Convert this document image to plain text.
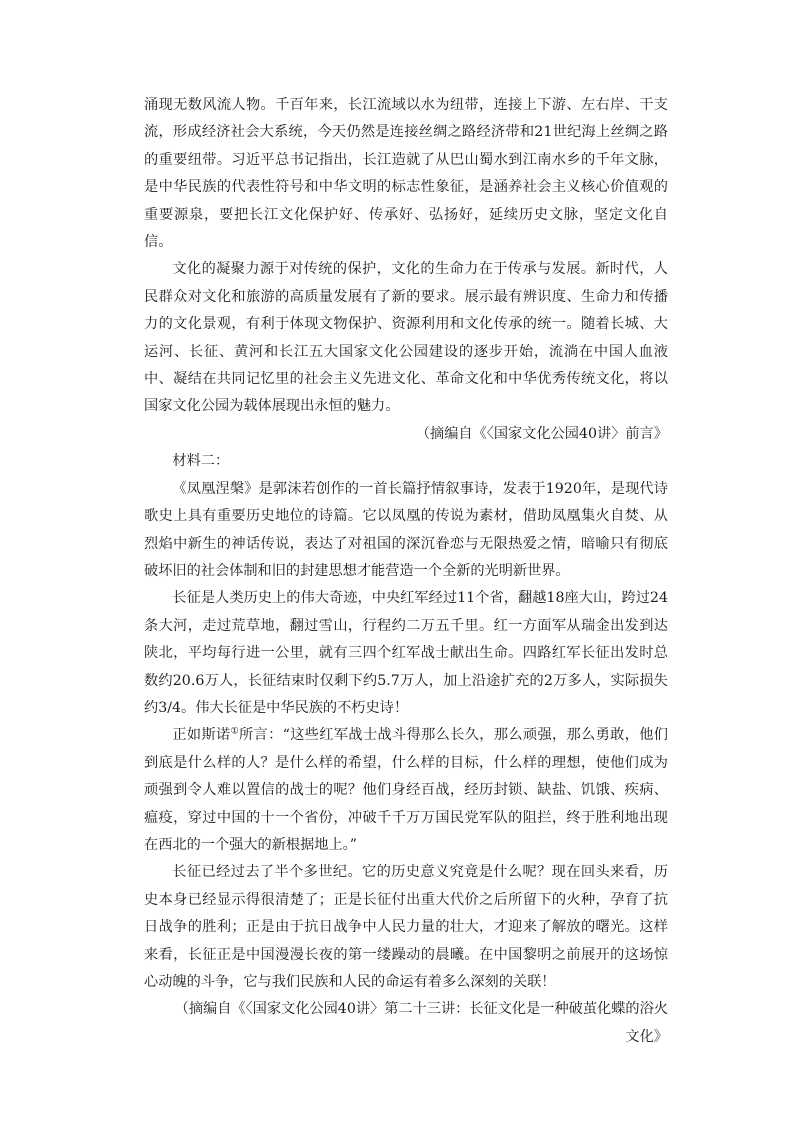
涌现无数风流人物。千百年来，长江流域以水为纽带，连接上下游、左右岸、干支流，形成经济社会大系统，今天仍然是连接丝绸之路经济带和21世纪海上丝绸之路的重要纽带。习近平总书记指出，长江造就了从巴山蜀水到江南水乡的千年文脉，是中华民族的代表性符号和中华文明的标志性象征，是涵养社会主义核心价值观的重要源泉，要把长江文化保护好、传承好、弘扬好，延续历史文脉，坚定文化自信。

文化的凝聚力源于对传统的保护，文化的生命力在于传承与发展。新时代，人民群众对文化和旅游的高质量发展有了新的要求。展示最有辨识度、生命力和传播力的文化景观，有利于体现文物保护、资源利用和文化传承的统一。随着长城、大运河、长征、黄河和长江五大国家文化公园建设的逐步开始，流淌在中国人血液中、凝结在共同记忆里的社会主义先进文化、革命文化和中华优秀传统文化，将以国家文化公园为载体展现出永恒的魅力。

（摘编自《〈国家文化公园40讲〉前言》

材料二：

《凤凰涅槃》是郭沫若创作的一首长篇抒情叙事诗，发表于1920年，是现代诗歌史上具有重要历史地位的诗篇。它以凤凰的传说为素材，借助凤凰集火自焚、从烈焰中新生的神话传说，表达了对祖国的深沉眷恋与无限热爱之情，暗喻只有彻底破坏旧的社会体制和旧的封建思想才能营造一个全新的光明新世界。

长征是人类历史上的伟大奇迹，中央红军经过11个省，翻越18座大山，跨过24条大河，走过荒草地，翻过雪山，行程约二万五千里。红一方面军从瑞金出发到达陕北，平均每行进一公里，就有三四个红军战士献出生命。四路红军长征出发时总数约20.6万人，长征结束时仅剩下约5.7万人，加上沿途扩充的2万多人，实际损失约3/4。伟大长征是中华民族的不朽史诗！

正如斯诺①所言：“这些红军战士战斗得那么长久，那么顽强，那么勇敢，他们到底是什么样的人？是什么样的希望，什么样的目标，什么样的理想，使他们成为顽强到令人难以置信的战士的呢？他们身经百战，经历封锁、缺盐、饥饿、疾病、瘟疫，穿过中国的十一个省份，冲破千千万万国民党军队的阻拦，终于胜利地出现在西北的一个强大的新根据地上。”

长征已经过去了半个多世纪。它的历史意义究竟是什么呢？现在回头来看，历史本身已经显示得很清楚了；正是长征付出重大代价之后所留下的火种，孕育了抗日战争的胜利；正是由于抗日战争中人民力量的壮大，才迎来了解放的曙光。这样来看，长征正是中国漫漫长夜的第一缕躁动的晨曦。在中国黎明之前展开的这场惊心动魄的斗争，它与我们民族和人民的命运有着多么深刻的关联！

（摘编自《〈国家文化公园40讲〉第二十三讲：长征文化是一种破茧化蝶的浴火文化》
